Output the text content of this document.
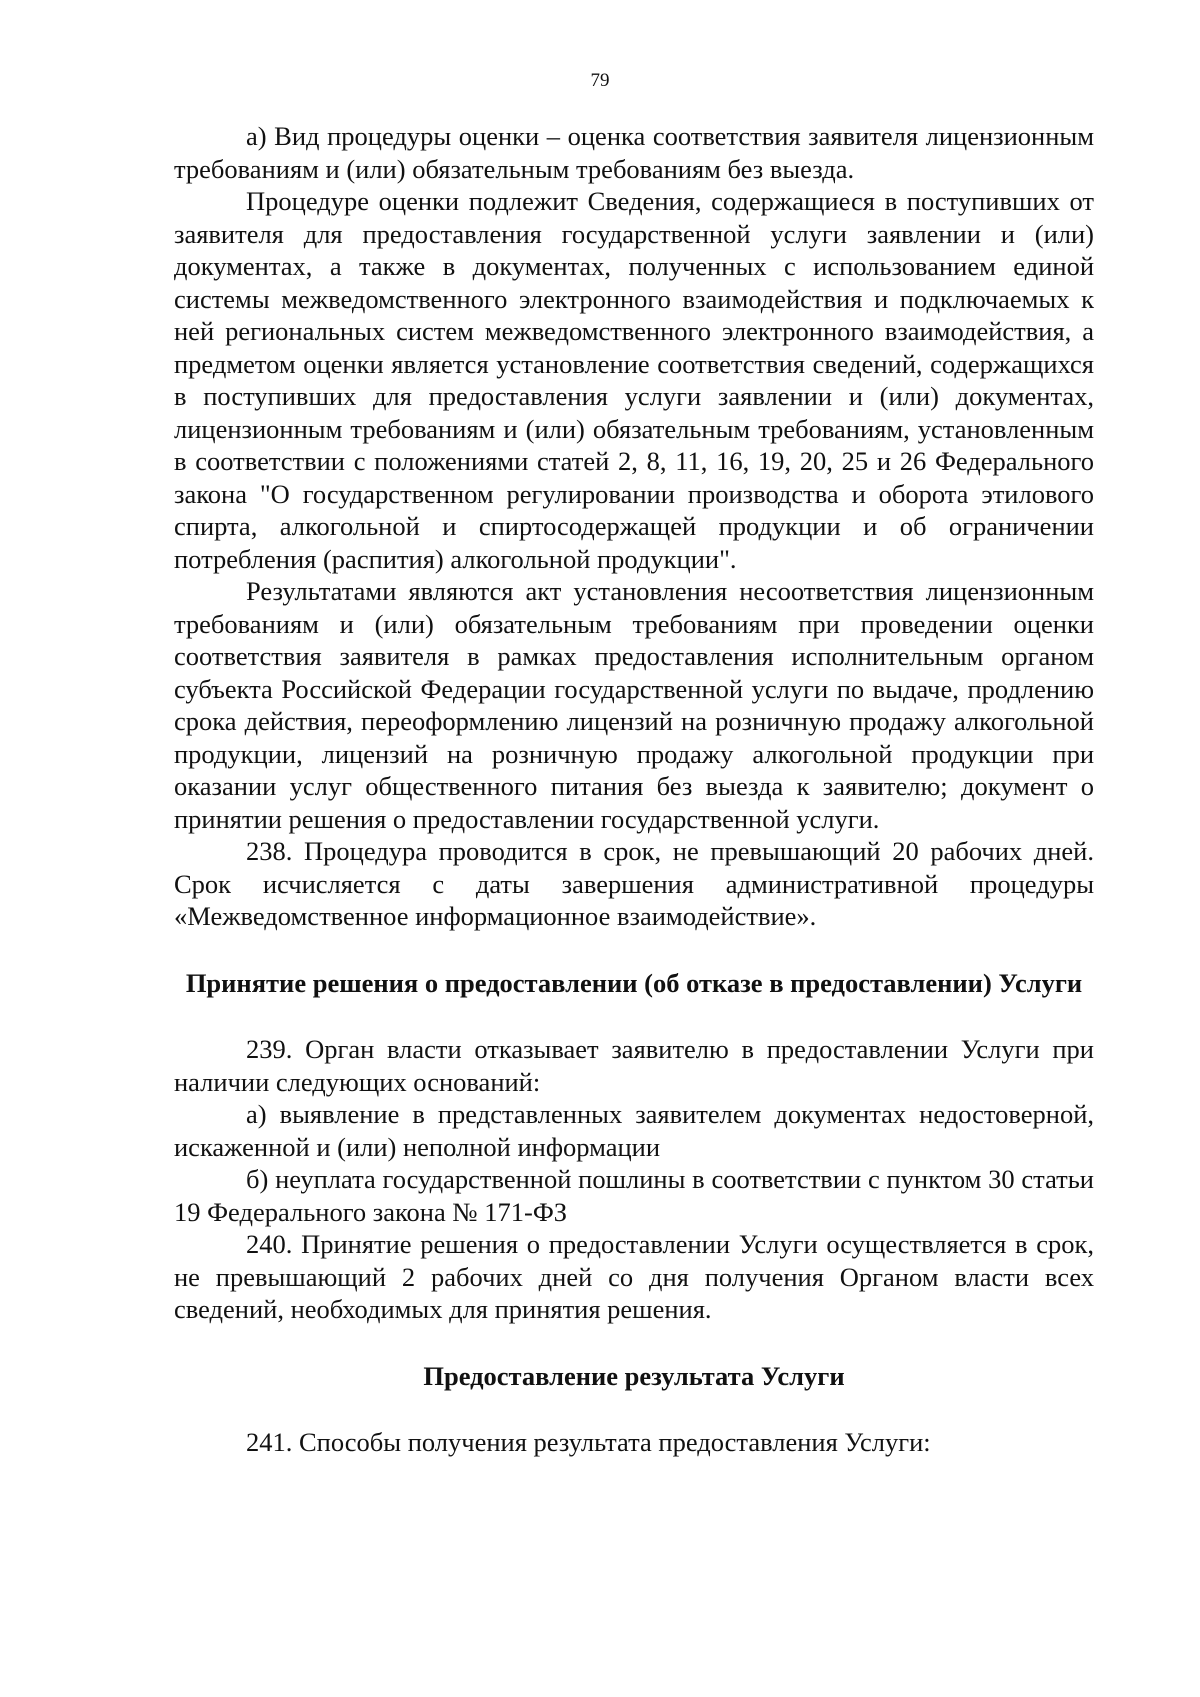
79

а) Вид процедуры оценки – оценка соответствия заявителя лицензионным требованиям и (или) обязательным требованиям без выезда.

Процедуре оценки подлежит Сведения, содержащиеся в поступивших от заявителя для предоставления государственной услуги заявлении и (или) документах, а также в документах, полученных с использованием единой системы межведомственного электронного взаимодействия и подключаемых к ней региональных систем межведомственного электронного взаимодействия, а предметом оценки является установление соответствия сведений, содержащихся в поступивших для предоставления услуги заявлении и (или) документах, лицензионным требованиям и (или) обязательным требованиям, установленным в соответствии с положениями статей 2, 8, 11, 16, 19, 20, 25 и 26 Федерального закона "О государственном регулировании производства и оборота этилового спирта, алкогольной и спиртосодержащей продукции и об ограничении потребления (распития) алкогольной продукции".

Результатами являются акт установления несоответствия лицензионным требованиям и (или) обязательным требованиям при проведении оценки соответствия заявителя в рамках предоставления исполнительным органом субъекта Российской Федерации государственной услуги по выдаче, продлению срока действия, переоформлению лицензий на розничную продажу алкогольной продукции, лицензий на розничную продажу алкогольной продукции при оказании услуг общественного питания без выезда к заявителю; документ о принятии решения о предоставлении государственной услуги.

238. Процедура проводится в срок, не превышающий 20 рабочих дней. Срок исчисляется с даты завершения административной процедуры «Межведомственное информационное взаимодействие».

Принятие решения о предоставлении (об отказе в предоставлении) Услуги

239. Орган власти отказывает заявителю в предоставлении Услуги при наличии следующих оснований:

а) выявление в представленных заявителем документах недостоверной, искаженной и (или) неполной информации

б) неуплата государственной пошлины в соответствии с пунктом 30 статьи 19 Федерального закона № 171-ФЗ

240. Принятие решения о предоставлении Услуги осуществляется в срок, не превышающий 2 рабочих дней со дня получения Органом власти всех сведений, необходимых для принятия решения.

Предоставление результата Услуги

241. Способы получения результата предоставления Услуги:
